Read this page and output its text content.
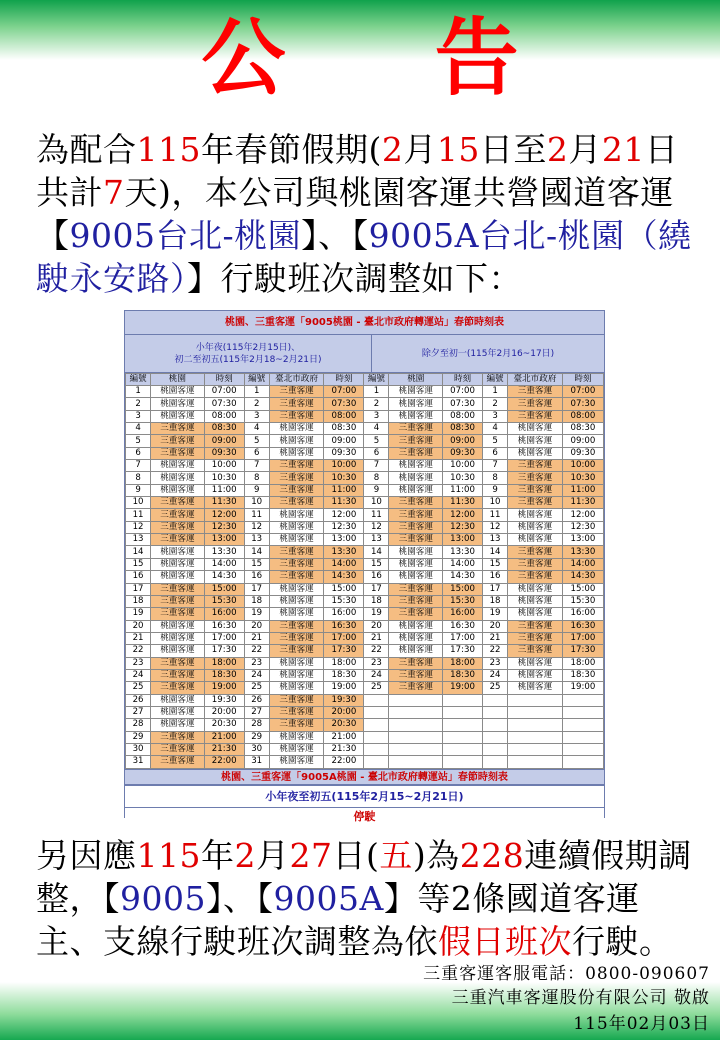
公 告
為配合115年春節假期(2月15日至2月21日共計7天)，本公司與桃園客運共營國道客運【9005台北-桃園】、【9005A台北-桃園（繞駛永安路）】行駛班次調整如下：
桃園、三重客運「9005桃園 - 臺北市政府轉運站」春節時刻表
小年夜(115年2月15日)、
初二至初五(115年2月18~2月21日)
除夕至初一(115年2月16~17日)
編號	桃園	時刻	編號	臺北市政府	時刻	編號	桃園	時刻	編號	臺北市政府	時刻
1	桃園客運	07:00	1	三重客運	07:00	1	桃園客運	07:00	1	三重客運	07:00
2	桃園客運	07:30	2	三重客運	07:30	2	桃園客運	07:30	2	三重客運	07:30
3	桃園客運	08:00	3	三重客運	08:00	3	桃園客運	08:00	3	三重客運	08:00
4	三重客運	08:30	4	桃園客運	08:30	4	三重客運	08:30	4	桃園客運	08:30
5	三重客運	09:00	5	桃園客運	09:00	5	三重客運	09:00	5	桃園客運	09:00
6	三重客運	09:30	6	桃園客運	09:30	6	三重客運	09:30	6	桃園客運	09:30
7	桃園客運	10:00	7	三重客運	10:00	7	桃園客運	10:00	7	三重客運	10:00
8	桃園客運	10:30	8	三重客運	10:30	8	桃園客運	10:30	8	三重客運	10:30
9	桃園客運	11:00	9	三重客運	11:00	9	桃園客運	11:00	9	三重客運	11:00
10	三重客運	11:30	10	三重客運	11:30	10	三重客運	11:30	10	三重客運	11:30
11	三重客運	12:00	11	桃園客運	12:00	11	三重客運	12:00	11	桃園客運	12:00
12	三重客運	12:30	12	桃園客運	12:30	12	三重客運	12:30	12	桃園客運	12:30
13	三重客運	13:00	13	桃園客運	13:00	13	三重客運	13:00	13	桃園客運	13:00
14	桃園客運	13:30	14	三重客運	13:30	14	桃園客運	13:30	14	三重客運	13:30
15	桃園客運	14:00	15	三重客運	14:00	15	桃園客運	14:00	15	三重客運	14:00
16	桃園客運	14:30	16	三重客運	14:30	16	桃園客運	14:30	16	三重客運	14:30
17	三重客運	15:00	17	桃園客運	15:00	17	三重客運	15:00	17	桃園客運	15:00
18	三重客運	15:30	18	桃園客運	15:30	18	三重客運	15:30	18	桃園客運	15:30
19	三重客運	16:00	19	桃園客運	16:00	19	三重客運	16:00	19	桃園客運	16:00
20	桃園客運	16:30	20	三重客運	16:30	20	桃園客運	16:30	20	三重客運	16:30
21	桃園客運	17:00	21	三重客運	17:00	21	桃園客運	17:00	21	三重客運	17:00
22	桃園客運	17:30	22	三重客運	17:30	22	桃園客運	17:30	22	三重客運	17:30
23	三重客運	18:00	23	桃園客運	18:00	23	三重客運	18:00	23	桃園客運	18:00
24	三重客運	18:30	24	桃園客運	18:30	24	三重客運	18:30	24	桃園客運	18:30
25	三重客運	19:00	25	桃園客運	19:00	25	三重客運	19:00	25	桃園客運	19:00
26	桃園客運	19:30	26	三重客運	19:30						
27	桃園客運	20:00	27	三重客運	20:00						
28	桃園客運	20:30	28	三重客運	20:30						
29	三重客運	21:00	29	桃園客運	21:00						
30	三重客運	21:30	30	桃園客運	21:30						
31	三重客運	22:00	31	桃園客運	22:00						
桃園、三重客運「9005A桃園 - 臺北市政府轉運站」春節時刻表
小年夜至初五(115年2月15~2月21日)
停駛
另因應115年2月27日(五)為228連續假期調整，【9005】、【9005A】等2條國道客運主、支線行駛班次調整為依假日班次行駛。
三重客運客服電話：0800-090607
三重汽車客運股份有限公司 敬啟
115年02月03日
